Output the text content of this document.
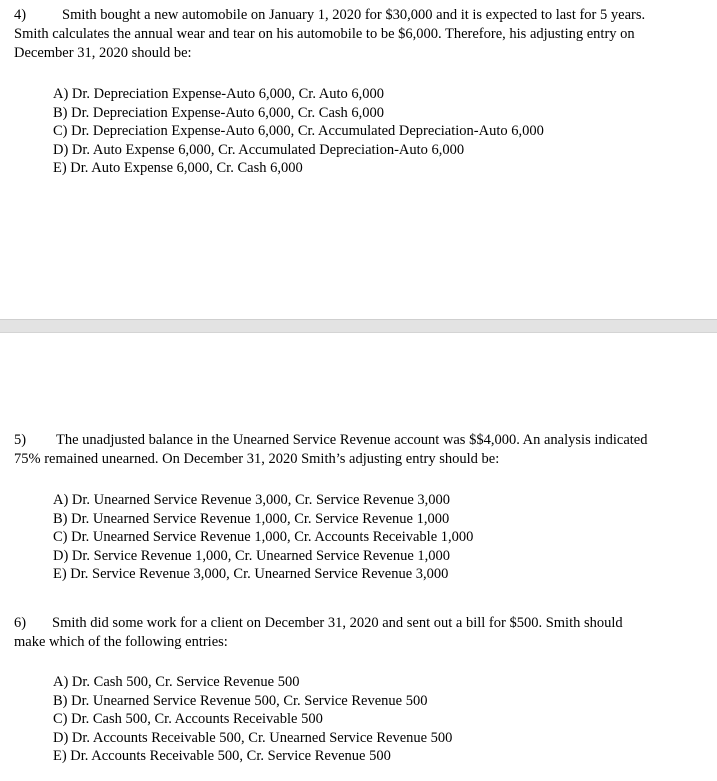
4) Smith bought a new automobile on January 1, 2020 for $30,000 and it is expected to last for 5 years. Smith calculates the annual wear and tear on his automobile to be $6,000. Therefore, his adjusting entry on December 31, 2020 should be:

A) Dr. Depreciation Expense-Auto 6,000, Cr. Auto 6,000
B) Dr. Depreciation Expense-Auto 6,000, Cr. Cash 6,000
C) Dr. Depreciation Expense-Auto 6,000, Cr. Accumulated Depreciation-Auto 6,000
D) Dr. Auto Expense 6,000, Cr. Accumulated Depreciation-Auto 6,000
E) Dr. Auto Expense 6,000, Cr. Cash 6,000

5) The unadjusted balance in the Unearned Service Revenue account was $$4,000. An analysis indicated 75% remained unearned. On December 31, 2020 Smith’s adjusting entry should be:

A) Dr. Unearned Service Revenue 3,000, Cr. Service Revenue 3,000
B) Dr. Unearned Service Revenue 1,000, Cr. Service Revenue 1,000
C) Dr. Unearned Service Revenue 1,000, Cr. Accounts Receivable 1,000
D) Dr. Service Revenue 1,000, Cr. Unearned Service Revenue 1,000
E) Dr. Service Revenue 3,000, Cr. Unearned Service Revenue 3,000

6) Smith did some work for a client on December 31, 2020 and sent out a bill for $500. Smith should make which of the following entries:

A) Dr. Cash 500, Cr. Service Revenue 500
B) Dr. Unearned Service Revenue 500, Cr. Service Revenue 500
C) Dr. Cash 500, Cr. Accounts Receivable 500
D) Dr. Accounts Receivable 500, Cr. Unearned Service Revenue 500
E) Dr. Accounts Receivable 500, Cr. Service Revenue 500
